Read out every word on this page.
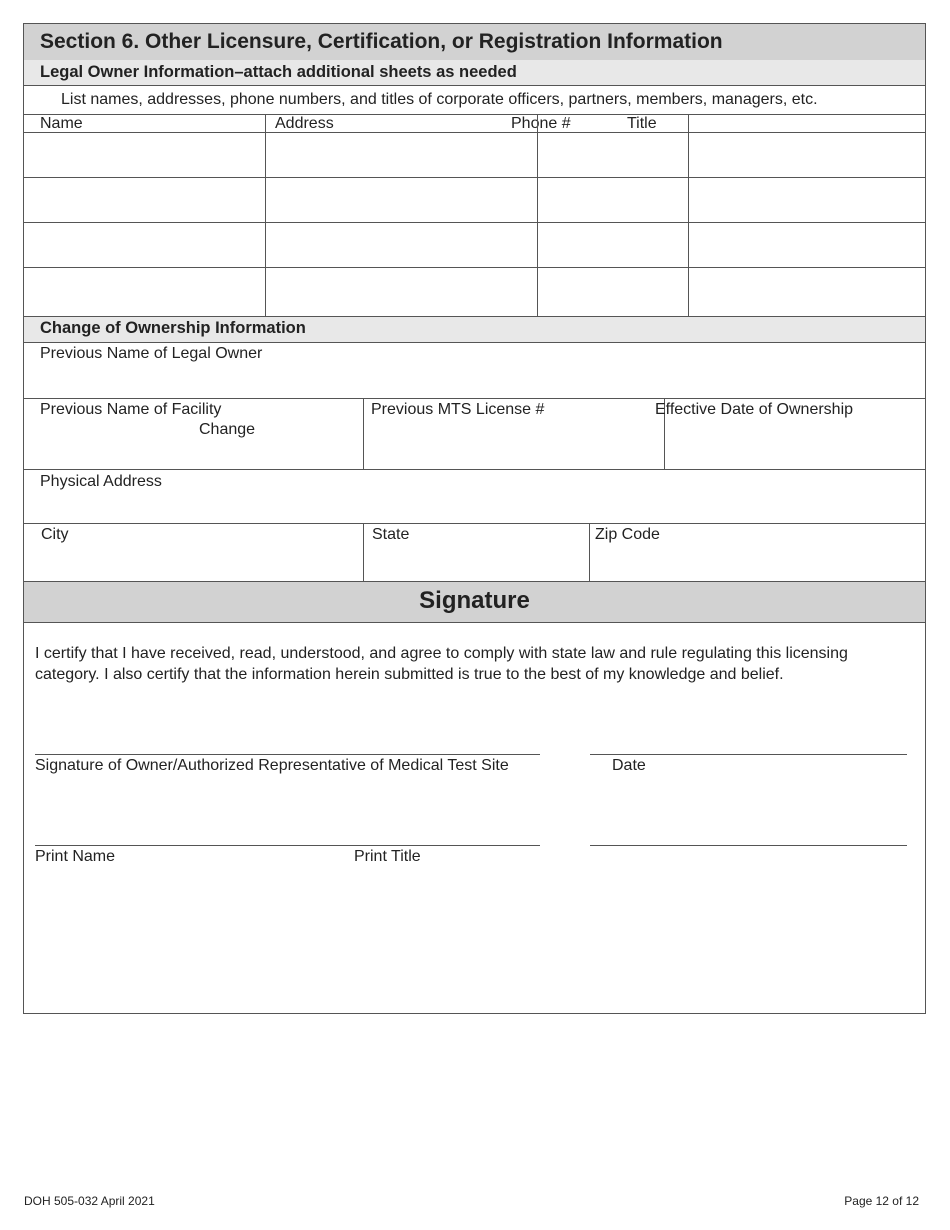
Section 6. Other Licensure, Certification, or Registration Information
Legal Owner Information–attach additional sheets as needed
List names, addresses, phone numbers, and titles of corporate officers, partners, members, managers, etc.
Name	Address	Phone #	Title
Change of Ownership Information
Previous Name of Legal Owner
Previous Name of Facility
Change
Previous MTS License #	Effective Date of Ownership
Physical Address
City	State	Zip Code
Signature
I certify that I have received, read, understood, and agree to comply with state law and rule regulating this licensing
category. I also certify that the information herein submitted is true to the best of my knowledge and belief.
Signature of Owner/Authorized Representative of Medical Test Site	Date
Print Name	Print Title
DOH 505-032 April 2021	Page 12 of 12
